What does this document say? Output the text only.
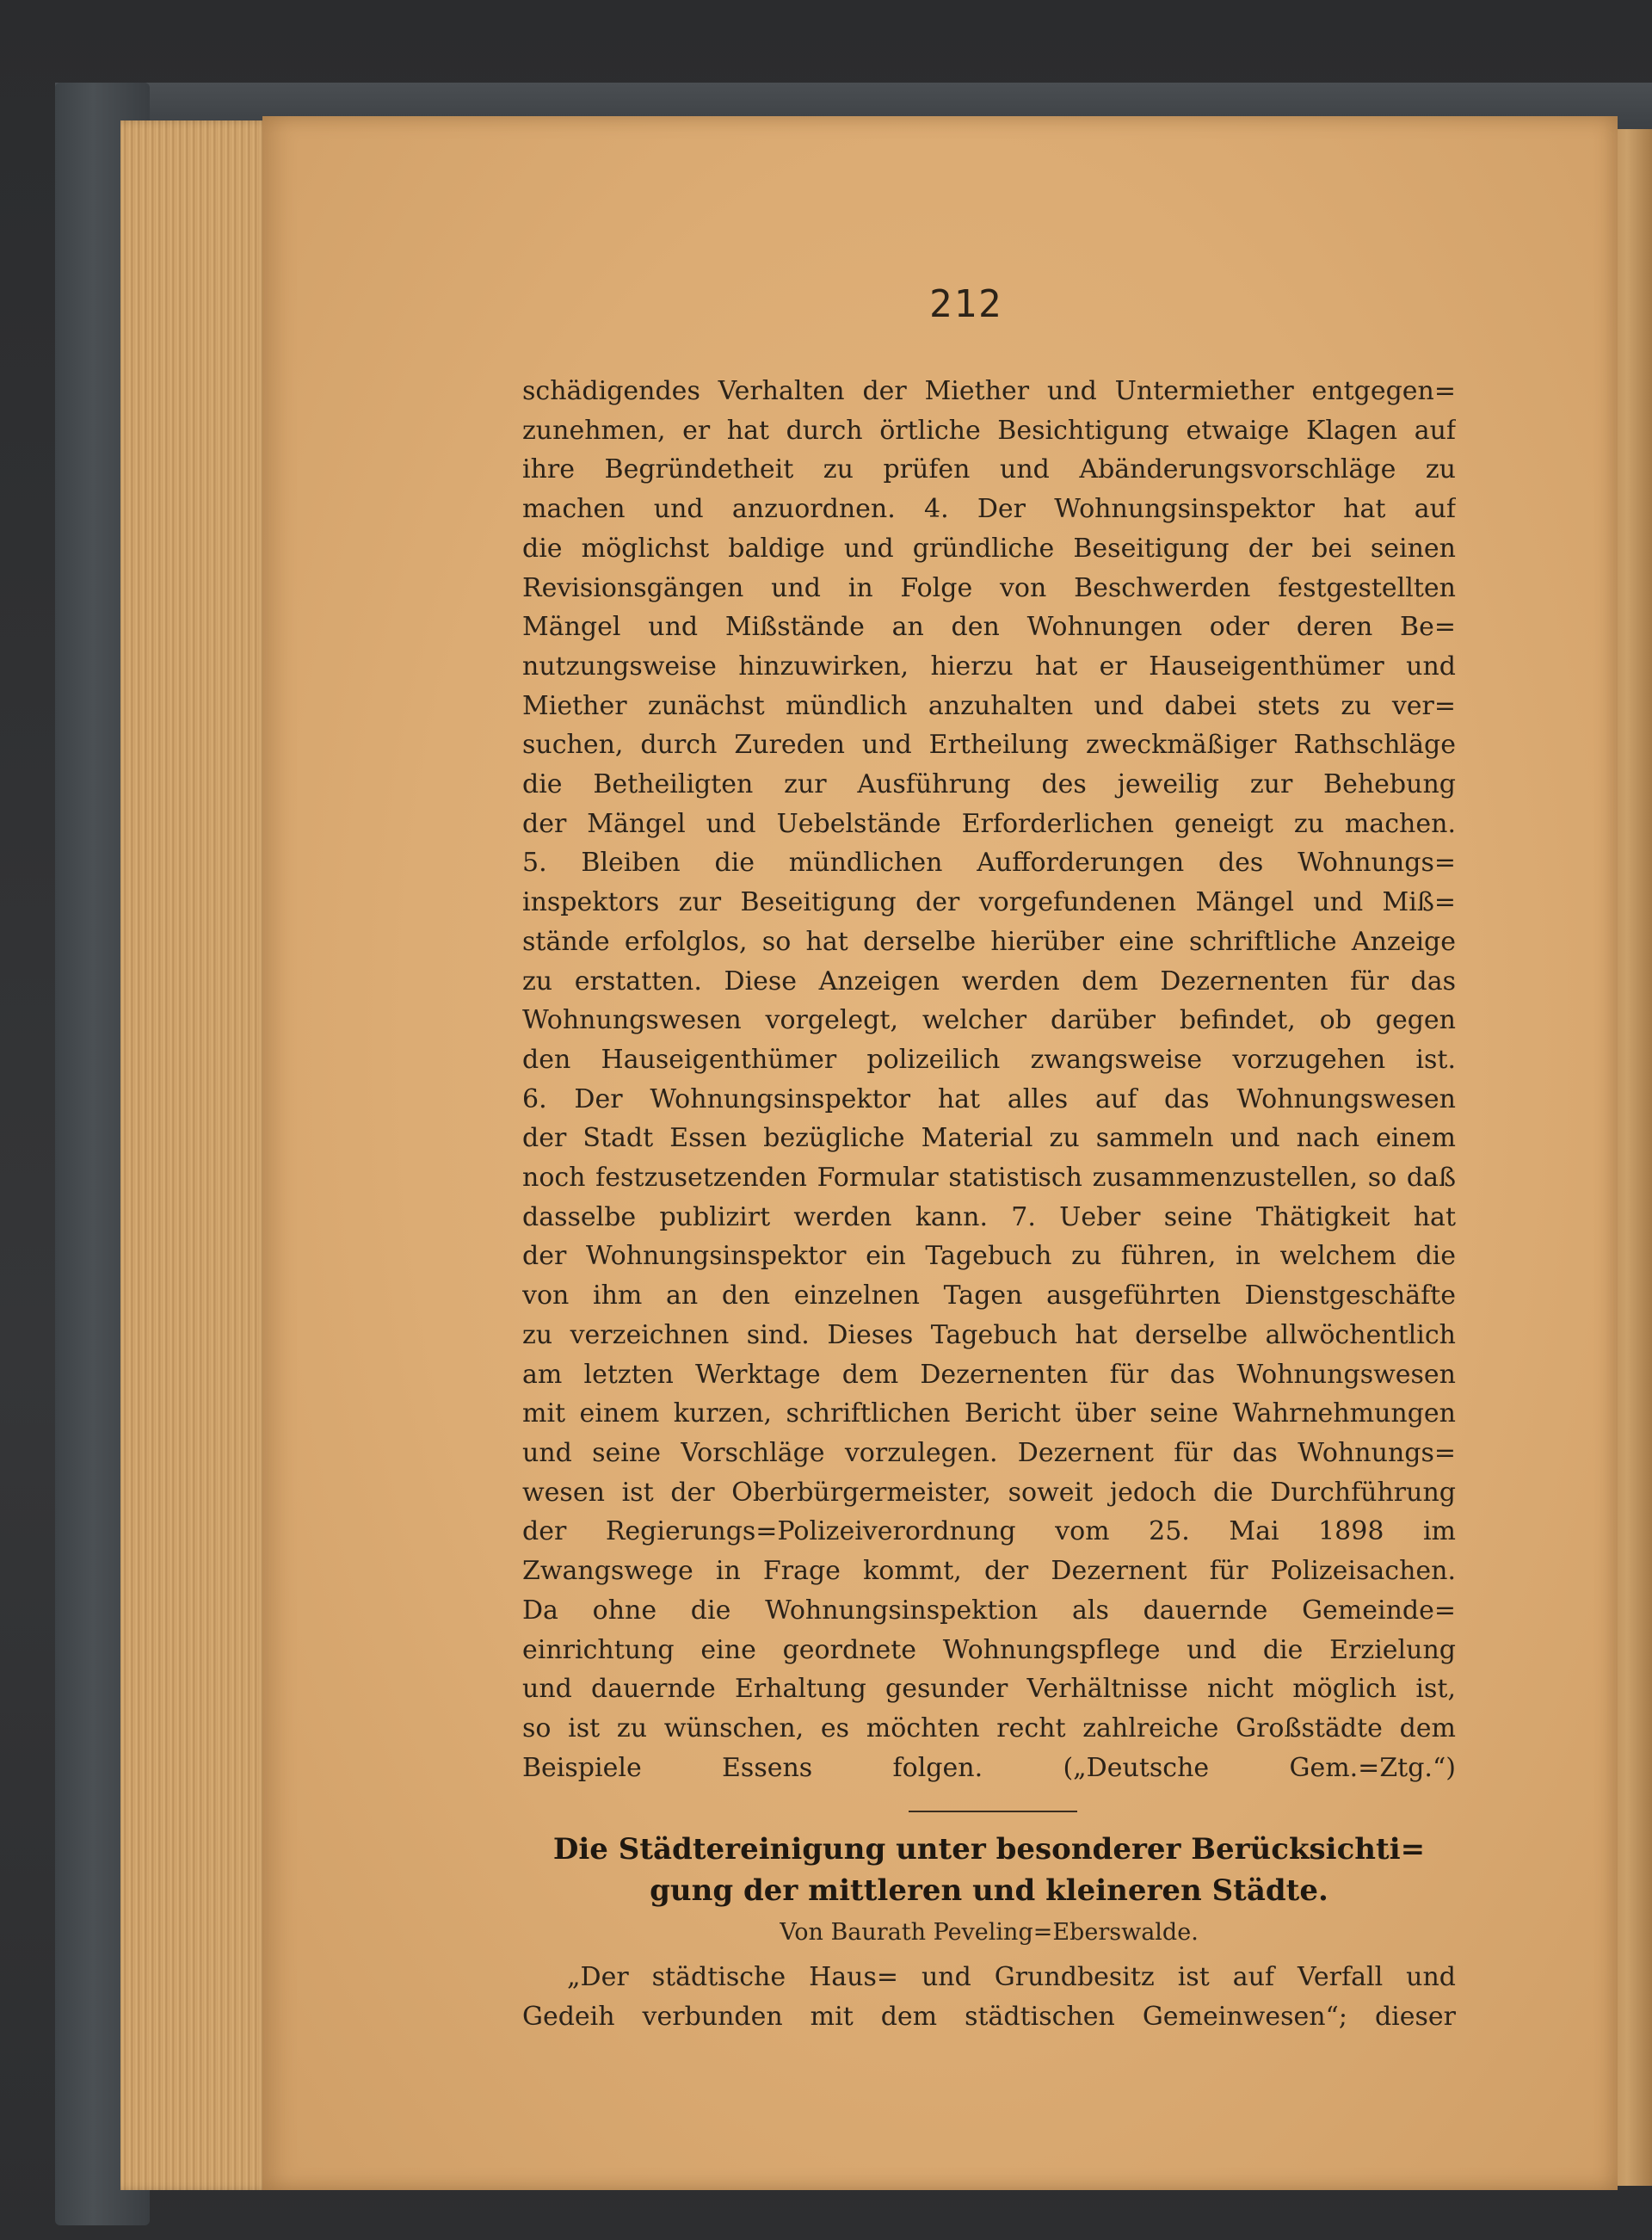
212
schädigendes Verhalten der Miether und Untermiether entgegen=
zunehmen, er hat durch örtliche Besichtigung etwaige Klagen auf
ihre Begründetheit zu prüfen und Abänderungsvorschläge zu
machen und anzuordnen. 4. Der Wohnungsinspektor hat auf
die möglichst baldige und gründliche Beseitigung der bei seinen
Revisionsgängen und in Folge von Beschwerden festgestellten
Mängel und Mißstände an den Wohnungen oder deren Be=
nutzungsweise hinzuwirken, hierzu hat er Hauseigenthümer und
Miether zunächst mündlich anzuhalten und dabei stets zu ver=
suchen, durch Zureden und Ertheilung zweckmäßiger Rathschläge
die Betheiligten zur Ausführung des jeweilig zur Behebung
der Mängel und Uebelstände Erforderlichen geneigt zu machen.
5. Bleiben die mündlichen Aufforderungen des Wohnungs=
inspektors zur Beseitigung der vorgefundenen Mängel und Miß=
stände erfolglos, so hat derselbe hierüber eine schriftliche Anzeige
zu erstatten. Diese Anzeigen werden dem Dezernenten für das
Wohnungswesen vorgelegt, welcher darüber befindet, ob gegen
den Hauseigenthümer polizeilich zwangsweise vorzugehen ist.
6. Der Wohnungsinspektor hat alles auf das Wohnungswesen
der Stadt Essen bezügliche Material zu sammeln und nach einem
noch festzusetzenden Formular statistisch zusammenzustellen, so daß
dasselbe publizirt werden kann. 7. Ueber seine Thätigkeit hat
der Wohnungsinspektor ein Tagebuch zu führen, in welchem die
von ihm an den einzelnen Tagen ausgeführten Dienstgeschäfte
zu verzeichnen sind. Dieses Tagebuch hat derselbe allwöchentlich
am letzten Werktage dem Dezernenten für das Wohnungswesen
mit einem kurzen, schriftlichen Bericht über seine Wahrnehmungen
und seine Vorschläge vorzulegen. Dezernent für das Wohnungs=
wesen ist der Oberbürgermeister, soweit jedoch die Durchführung
der Regierungs=Polizeiverordnung vom 25. Mai 1898 im
Zwangswege in Frage kommt, der Dezernent für Polizeisachen.
Da ohne die Wohnungsinspektion als dauernde Gemeinde=
einrichtung eine geordnete Wohnungspflege und die Erzielung
und dauernde Erhaltung gesunder Verhältnisse nicht möglich ist,
so ist zu wünschen, es möchten recht zahlreiche Großstädte dem
Beispiele Essens folgen. („Deutsche Gem.=Ztg.“)
Die Städtereinigung unter besonderer Berücksichti=
gung der mittleren und kleineren Städte.
Von Baurath Peveling=Eberswalde.
„Der städtische Haus= und Grundbesitz ist auf Verfall und
Gedeih verbunden mit dem städtischen Gemeinwesen“; dieser
